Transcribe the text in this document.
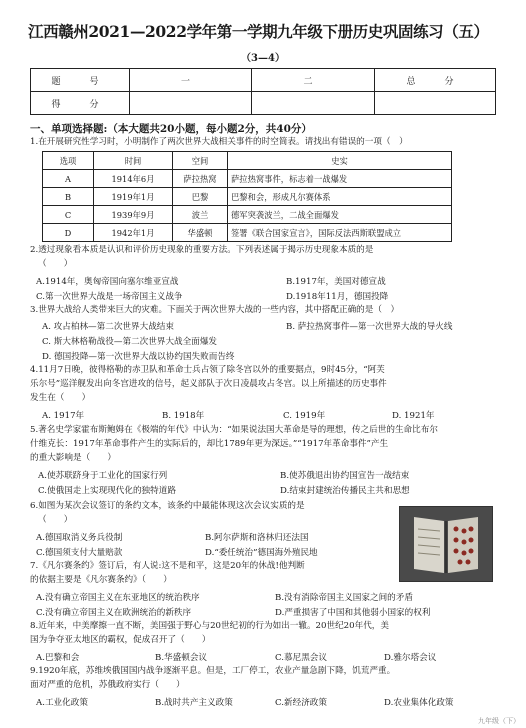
江西赣州2021—2022学年第一学期九年级下册历史巩固练习（五）
（3—4）
题　号	一	二	总　分
得　分			
一、单项选择题:（本大题共20小题，每小题2分，共40分）
1.在开展研究性学习时，小明制作了两次世界大战相关事件的时空简表。请找出有错误的一项（　）
选项	时间	空间	史实
A	1914年6月	萨拉热窝	萨拉热窝事件，标志着一战爆发
B	1919年1月	巴黎	巴黎和会，形成凡尔赛体系
C	1939年9月	波兰	德军突袭波兰，二战全面爆发
D	1942年1月	华盛顿	签署《联合国家宣言》，国际反法西斯联盟成立
2.透过现象看本质是认识和评价历史现象的重要方法。下列表述属于揭示历史现象本质的是
（　　）
A.1914年，奥匈帝国向塞尔维亚宣战	B.1917年，美国对德宣战
C.第一次世界大战是一场帝国主义战争	D.1918年11月，德国投降
3.世界大战给人类带来巨大的灾难。下面关于两次世界大战的一些内容，其中搭配正确的是（　）
A. 攻占柏林—第二次世界大战结束	B. 萨拉热窝事件—第一次世界大战的导火线
C. 斯大林格勒战役—第二次世界大战全面爆发
D. 德国投降—第一次世界大战以协约国失败而告终
4.11月7日晚，彼得格勒的赤卫队和革命士兵占领了除冬宫以外的重要据点，9时45分，“阿芙
乐尔号”巡洋舰发出向冬宫进攻的信号，起义部队于次日凌晨攻占冬宫。以上所描述的历史事件
发生在（　　）
A. 1917年	B. 1918年	C. 1919年	D. 1921年
5.著名史学家霍布斯鲍姆在《极端的年代》中认为：“如果说法国大革命是导的理想，传之后世的生命比布尔
什维克长：1917年革命事件产生的实际后的，却比1789年更为深远。”“1917年革命事件”产生
的重大影响是（　　）
A.使苏联跻身于工业化的国家行列	B.使苏俄退出协约国宣告一战结束
C.使俄国走上实现现代化的独特道路	D.结束封建统治传播民主共和思想
6.如图为某次会议签订的条约文本，该条约中最能体现这次会议实质的是
（　　）
A.德国取消义务兵役制	B.阿尔萨斯和洛林归还法国
C.德国须支付大量赔款	D.“委任统治”德国海外殖民地
7.《凡尔赛条约》签订后，有人说:这不是和平，这是20年的休战!他判断
的依据主要是《凡尔赛条约》（　　）
A.没有确立帝国主义在东亚地区的统治秩序	B.没有消除帝国主义国家之间的矛盾
C.没有确立帝国主义在欧洲统治的新秩序	D.严重损害了中国和其他弱小国家的权利
8.近年来，中美摩擦一直不断，美国强于野心与20世纪初的行为如出一辙。20世纪20年代，美
国为争夺亚太地区的霸权，促成召开了（　　）
A.巴黎和会	B.华盛顿会议	C.慕尼黑会议	D.雅尔塔会议
9.1920年底，苏维埃俄国国内战争逐渐平息。但是，工厂停工，农业产量急剧下降，饥荒严重。
面对严重的危机，苏俄政府实行（　　）
A.工业化政策	B.战时共产主义政策	C.新经济政策	D.农业集体化政策
九年级（下）
